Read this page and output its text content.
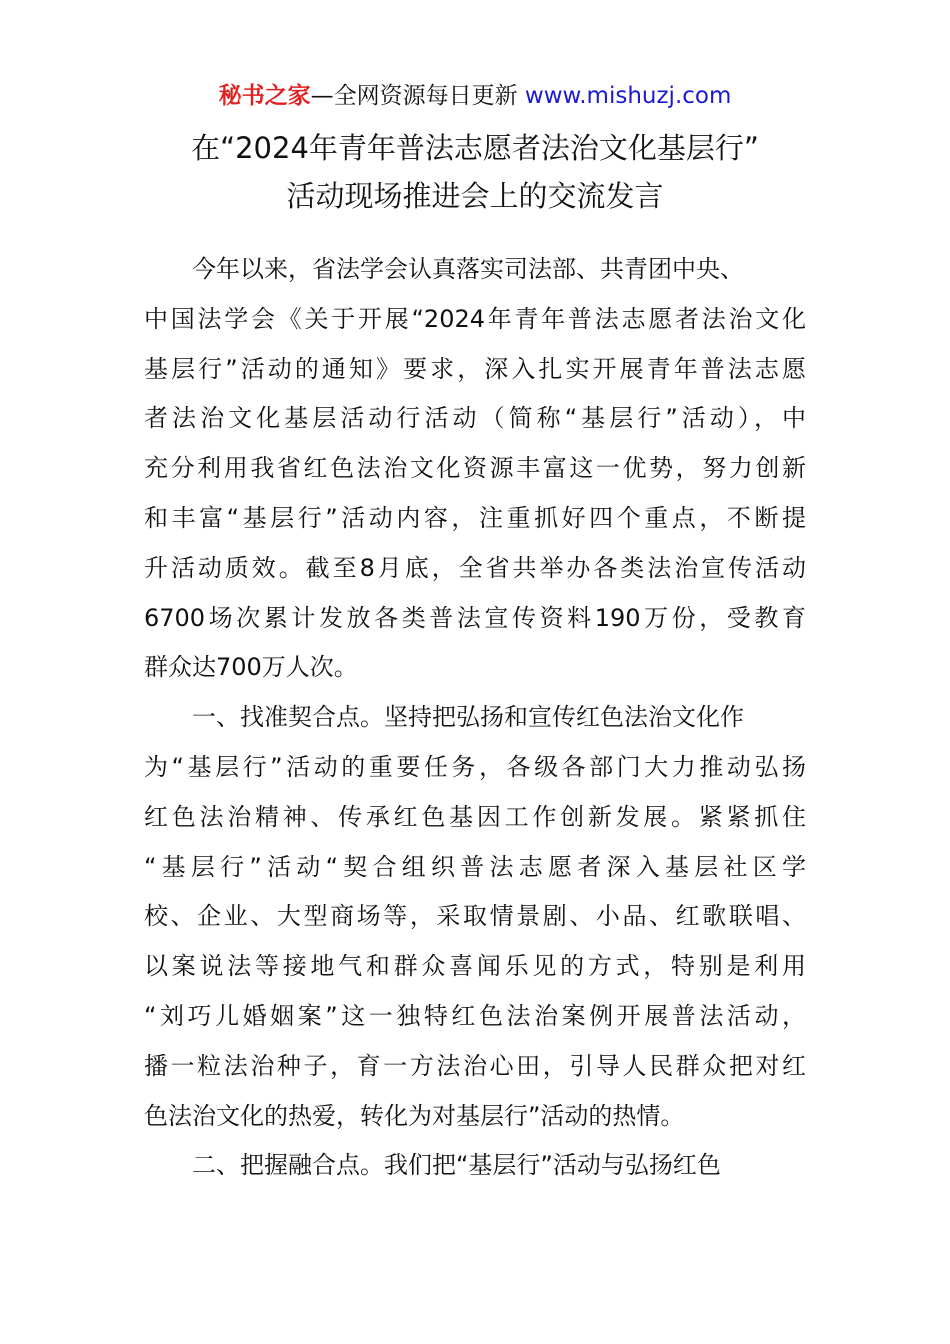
秘书之家—全网资源每日更新 www.mishuzj.com
在“2024年青年普法志愿者法治文化基层行”
活动现场推进会上的交流发言
今年以来，省法学会认真落实司法部、共青团中央、
中国法学会《关于开展“2024年青年普法志愿者法治文化
基层行”活动的通知》要求，深入扎实开展青年普法志愿
者法治文化基层活动行活动（简称“基层行”活动），中
充分利用我省红色法治文化资源丰富这一优势，努力创新
和丰富“基层行”活动内容，注重抓好四个重点，不断提
升活动质效。截至8月底，全省共举办各类法治宣传活动
6700场次累计发放各类普法宣传资料190万份，受教育
群众达700万人次。
一、找准契合点。坚持把弘扬和宣传红色法治文化作
为“基层行”活动的重要任务，各级各部门大力推动弘扬
红色法治精神、传承红色基因工作创新发展。紧紧抓住
“基层行”活动“契合组织普法志愿者深入基层社区学
校、企业、大型商场等，采取情景剧、小品、红歌联唱、
以案说法等接地气和群众喜闻乐见的方式，特别是利用
“刘巧儿婚姻案”这一独特红色法治案例开展普法活动，
播一粒法治种子，育一方法治心田，引导人民群众把对红
色法治文化的热爱，转化为对基层行”活动的热情。
二、把握融合点。我们把“基层行”活动与弘扬红色
